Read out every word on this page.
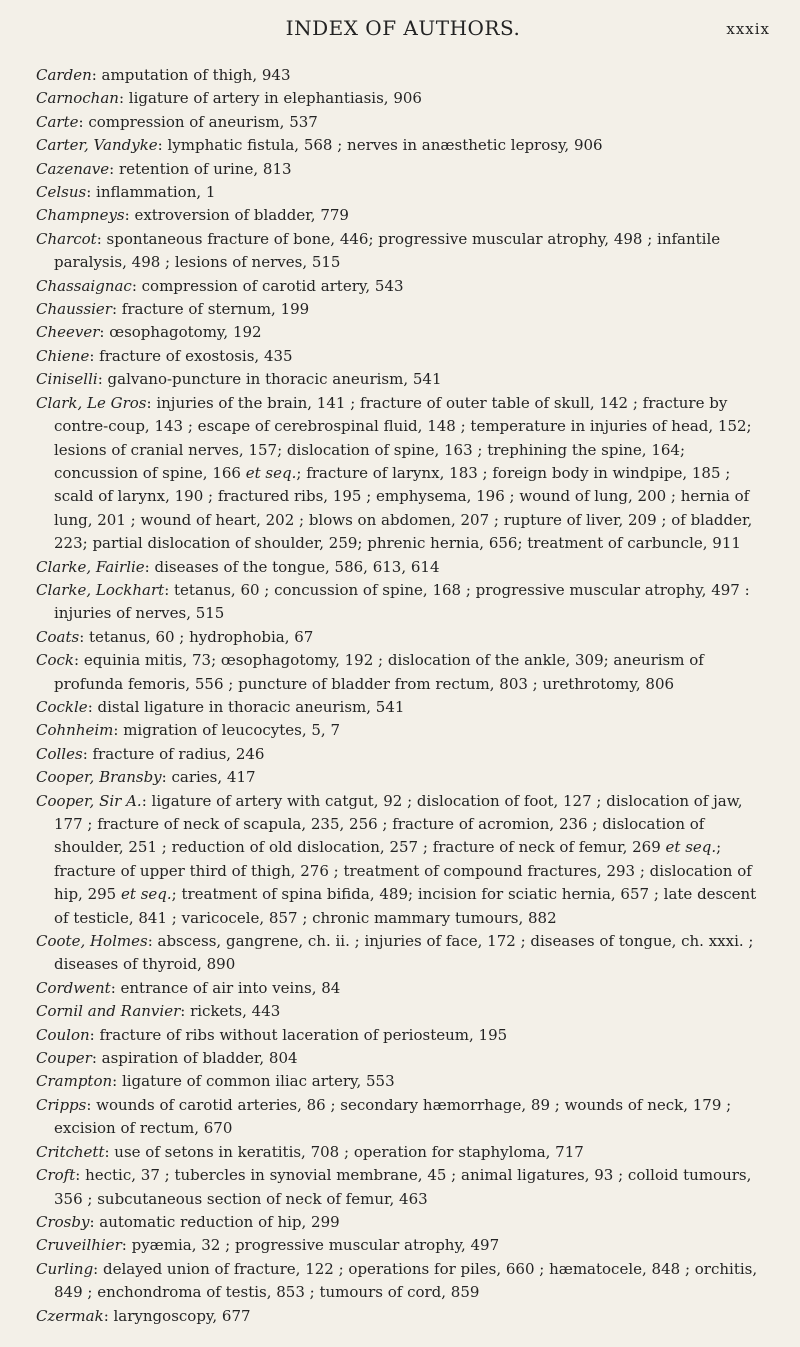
INDEX OF AUTHORS.	xxxix

Carden: amputation of thigh, 943

Carnochan: ligature of artery in elephantiasis, 906

Carte: compression of aneurism, 537

Carter, Vandyke: lymphatic fistula, 568 ; nerves in anæsthetic leprosy, 906

Cazenave: retention of urine, 813

Celsus: inflammation, 1

Champneys: extroversion of bladder, 779

Charcot: spontaneous fracture of bone, 446; progressive muscular atrophy, 498 ; infantile paralysis, 498 ; lesions of nerves, 515

Chassaignac: compression of carotid artery, 543

Chaussier: fracture of sternum, 199

Cheever: œsophagotomy, 192

Chiene: fracture of exostosis, 435

Ciniselli: galvano-puncture in thoracic aneurism, 541

Clark, Le Gros: injuries of the brain, 141 ; fracture of outer table of skull, 142 ; fracture by contre-coup, 143 ; escape of cerebrospinal fluid, 148 ; temperature in injuries of head, 152; lesions of cranial nerves, 157; dislocation of spine, 163 ; trephining the spine, 164; concussion of spine, 166 et seq.; fracture of larynx, 183 ; foreign body in windpipe, 185 ; scald of larynx, 190 ; fractured ribs, 195 ; emphysema, 196 ; wound of lung, 200 ; hernia of lung, 201 ; wound of heart, 202 ; blows on abdomen, 207 ; rupture of liver, 209 ; of bladder, 223; partial dislocation of shoulder, 259; phrenic hernia, 656; treatment of carbuncle, 911

Clarke, Fairlie: diseases of the tongue, 586, 613, 614

Clarke, Lockhart: tetanus, 60 ; concussion of spine, 168 ; progressive muscular atrophy, 497 : injuries of nerves, 515

Coats: tetanus, 60 ; hydrophobia, 67

Cock: equinia mitis, 73; œsophagotomy, 192 ; dislocation of the ankle, 309; aneurism of profunda femoris, 556 ; puncture of bladder from rectum, 803 ; urethrotomy, 806

Cockle: distal ligature in thoracic aneurism, 541

Cohnheim: migration of leucocytes, 5, 7

Colles: fracture of radius, 246

Cooper, Bransby: caries, 417

Cooper, Sir A.: ligature of artery with catgut, 92 ; dislocation of foot, 127 ; dislocation of jaw, 177 ; fracture of neck of scapula, 235, 256 ; fracture of acromion, 236 ; dislocation of shoulder, 251 ; reduction of old dislocation, 257 ; fracture of neck of femur, 269 et seq.; fracture of upper third of thigh, 276 ; treatment of compound fractures, 293 ; dislocation of hip, 295 et seq.; treatment of spina bifida, 489; incision for sciatic hernia, 657 ; late descent of testicle, 841 ; varicocele, 857 ; chronic mammary tumours, 882

Coote, Holmes: abscess, gangrene, ch. ii. ; injuries of face, 172 ; diseases of tongue, ch. xxxi. ; diseases of thyroid, 890

Cordwent: entrance of air into veins, 84

Cornil and Ranvier: rickets, 443

Coulon: fracture of ribs without laceration of periosteum, 195

Couper: aspiration of bladder, 804

Crampton: ligature of common iliac artery, 553

Cripps: wounds of carotid arteries, 86 ; secondary hæmorrhage, 89 ; wounds of neck, 179 ; excision of rectum, 670

Critchett: use of setons in keratitis, 708 ; operation for staphyloma, 717

Croft: hectic, 37 ; tubercles in synovial membrane, 45 ; animal ligatures, 93 ; colloid tumours, 356 ; subcutaneous section of neck of femur, 463

Crosby: automatic reduction of hip, 299

Cruveilhier: pyæmia, 32 ; progressive muscular atrophy, 497

Curling: delayed union of fracture, 122 ; operations for piles, 660 ; hæmatocele, 848 ; orchitis, 849 ; enchondroma of testis, 853 ; tumours of cord, 859

Czermak: laryngoscopy, 677
